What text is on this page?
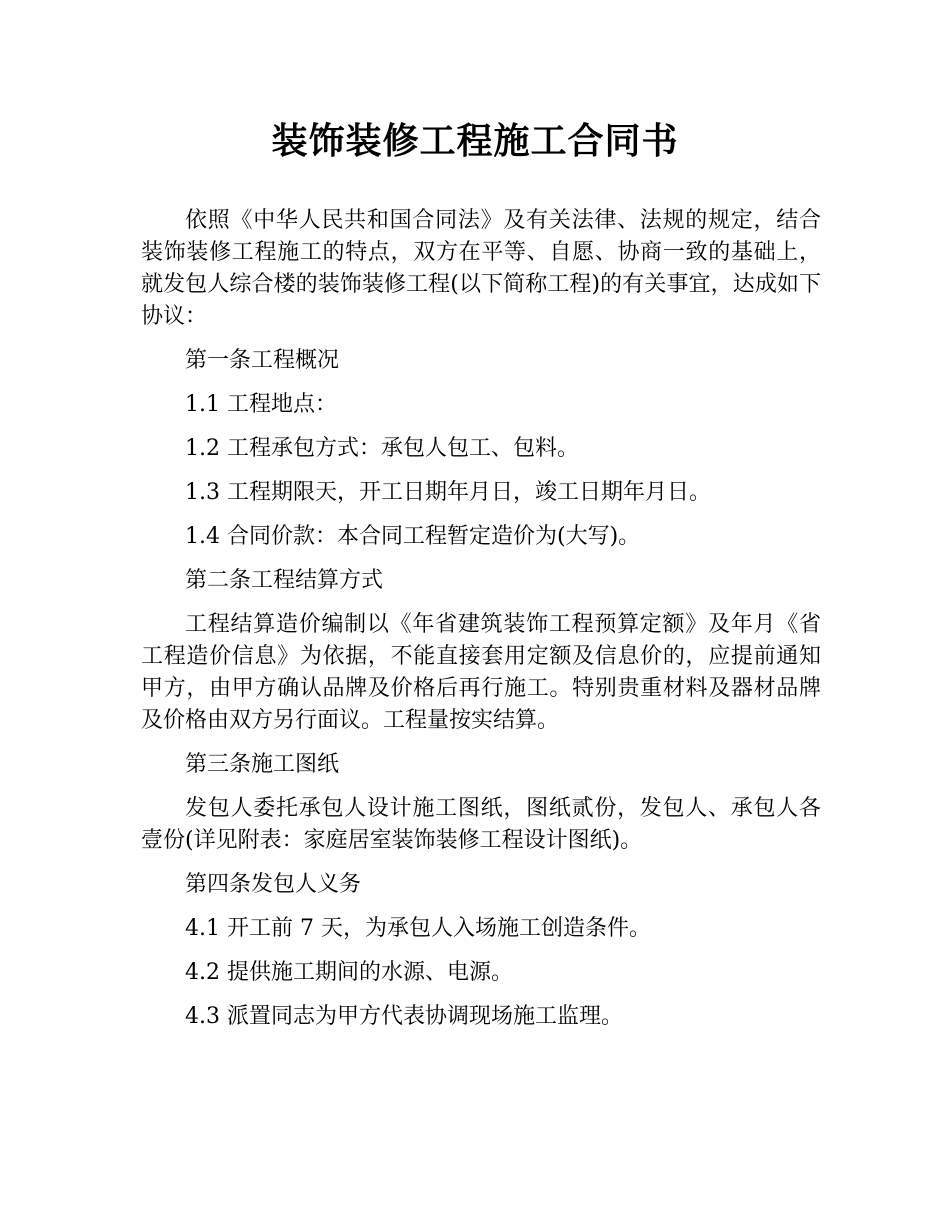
装饰装修工程施工合同书

依照《中华人民共和国合同法》及有关法律、法规的规定，结合装饰装修工程施工的特点，双方在平等、自愿、协商一致的基础上，就发包人综合楼的装饰装修工程(以下简称工程)的有关事宜，达成如下协议：

第一条工程概况

1.1 工程地点：

1.2 工程承包方式：承包人包工、包料。

1.3 工程期限天，开工日期年月日，竣工日期年月日。

1.4 合同价款：本合同工程暂定造价为(大写)。

第二条工程结算方式

工程结算造价编制以《年省建筑装饰工程预算定额》及年月《省工程造价信息》为依据，不能直接套用定额及信息价的，应提前通知甲方，由甲方确认品牌及价格后再行施工。特别贵重材料及器材品牌及价格由双方另行面议。工程量按实结算。

第三条施工图纸

发包人委托承包人设计施工图纸，图纸贰份，发包人、承包人各壹份(详见附表：家庭居室装饰装修工程设计图纸)。

第四条发包人义务

4.1 开工前 7 天，为承包人入场施工创造条件。

4.2 提供施工期间的水源、电源。

4.3 派置同志为甲方代表协调现场施工监理。
